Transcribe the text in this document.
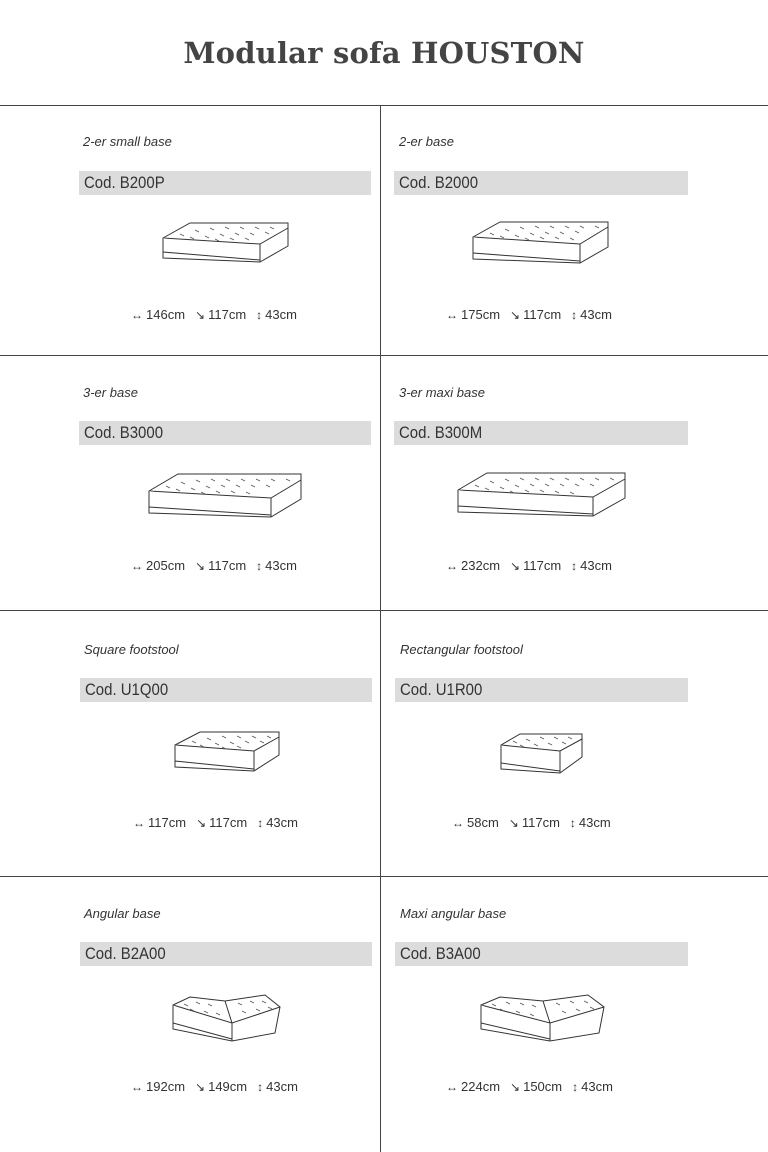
Modular sofa HOUSTON
2-er small base
Cod. B200P
↔ 146cm ↘ 117cm ↕ 43cm
2-er base
Cod. B2000
↔ 175cm ↘ 117cm ↕ 43cm
3-er base
Cod. B3000
↔ 205cm ↘ 117cm ↕ 43cm
3-er maxi base
Cod. B300M
↔ 232cm ↘ 117cm ↕ 43cm
Square footstool
Cod. U1Q00
↔ 117cm ↘ 117cm ↕ 43cm
Rectangular footstool
Cod. U1R00
↔ 58cm ↘ 117cm ↕ 43cm
Angular base
Cod. B2A00
↔ 192cm ↘ 149cm ↕ 43cm
Maxi angular base
Cod. B3A00
↔ 224cm ↘ 150cm ↕ 43cm
